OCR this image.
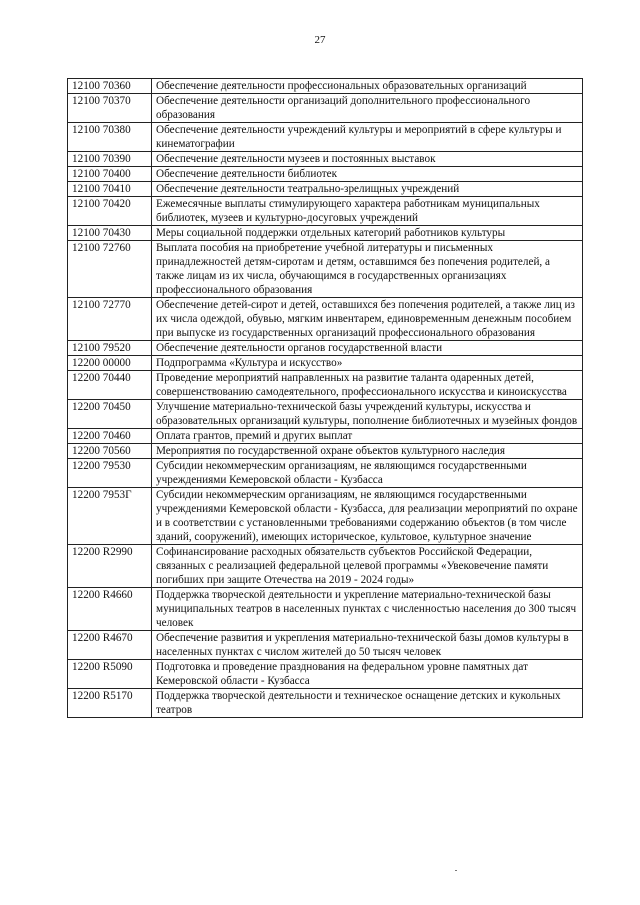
27
12100 70360	Обеспечение деятельности профессиональных образовательных организаций
12100 70370	Обеспечение деятельности организаций дополнительного профессионального образования
12100 70380	Обеспечение деятельности учреждений культуры и мероприятий в сфере культуры и кинематографии
12100 70390	Обеспечение деятельности музеев и постоянных выставок
12100 70400	Обеспечение деятельности библиотек
12100 70410	Обеспечение деятельности театрально-зрелищных учреждений
12100 70420	Ежемесячные выплаты стимулирующего характера работникам муниципальных библиотек, музеев и культурно-досуговых учреждений
12100 70430	Меры социальной поддержки отдельных категорий работников культуры
12100 72760	Выплата пособия на приобретение учебной литературы и письменных принадлежностей детям-сиротам и детям, оставшимся без попечения родителей, а также лицам из их числа, обучающимся в государственных организациях профессионального образования
12100 72770	Обеспечение детей-сирот и детей, оставшихся без попечения родителей, а также лиц из их числа одеждой, обувью, мягким инвентарем, единовременным денежным пособием при выпуске из государственных организаций профессионального образования
12100 79520	Обеспечение деятельности органов государственной власти
12200 00000	Подпрограмма «Культура и искусство»
12200 70440	Проведение мероприятий направленных на развитие таланта одаренных детей, совершенствованию самодеятельного, профессионального искусства и киноискусства
12200 70450	Улучшение материально-технической базы учреждений культуры, искусства и образовательных организаций культуры, пополнение библиотечных и музейных фондов
12200 70460	Оплата грантов, премий и других выплат
12200 70560	Мероприятия по государственной охране объектов культурного наследия
12200 79530	Субсидии некоммерческим организациям, не являющимся государственными учреждениями Кемеровской области - Кузбасса
12200 7953Г	Субсидии некоммерческим организациям, не являющимся государственными учреждениями Кемеровской области - Кузбасса, для реализации мероприятий по охране и в соответствии с установленными требованиями содержанию объектов (в том числе зданий, сооружений), имеющих историческое, культовое, культурное значение
12200 R2990	Софинансирование расходных обязательств субъектов Российской Федерации, связанных с реализацией федеральной целевой программы «Увековечение памяти погибших при защите Отечества на 2019 - 2024 годы»
12200 R4660	Поддержка творческой деятельности и укрепление материально-технической базы муниципальных театров в населенных пунктах с численностью населения до 300 тысяч человек
12200 R4670	Обеспечение развития и укрепления материально-технической базы домов культуры в населенных пунктах с числом жителей до 50 тысяч человек
12200 R5090	Подготовка и проведение празднования на федеральном уровне памятных дат Кемеровской области - Кузбасса
12200 R5170	Поддержка творческой деятельности и техническое оснащение детских и кукольных театров
